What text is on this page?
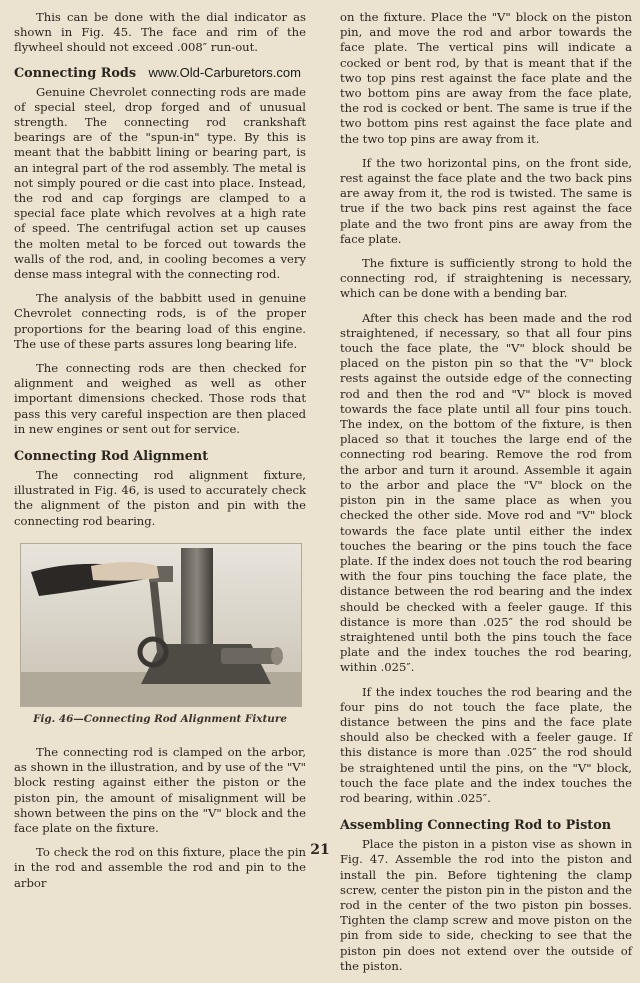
This can be done with the dial indicator as shown in Fig. 45. The face and rim of the flywheel should not exceed .008″ run-out.

Connecting Rods www.Old-Carburetors.com

Genuine Chevrolet connecting rods are made of special steel, drop forged and of unusual strength. The connecting rod crankshaft bearings are of the "spun-in" type. By this is meant that the babbitt lining or bearing part, is an integral part of the rod assembly. The metal is not simply poured or die cast into place. Instead, the rod and cap forgings are clamped to a special face plate which revolves at a high rate of speed. The centrifugal action set up causes the molten metal to be forced out towards the walls of the rod, and, in cooling becomes a very dense mass integral with the connecting rod.

The analysis of the babbitt used in genuine Chevrolet connecting rods, is of the proper proportions for the bearing load of this engine. The use of these parts assures long bearing life.

The connecting rods are then checked for alignment and weighed as well as other important dimensions checked. Those rods that pass this very careful inspection are then placed in new engines or sent out for service.

Connecting Rod Alignment

The connecting rod alignment fixture, illustrated in Fig. 46, is used to accurately check the alignment of the piston and pin with the connecting rod bearing.

Fig. 46—Connecting Rod Alignment Fixture

The connecting rod is clamped on the arbor, as shown in the illustration, and by use of the "V" block resting against either the piston or the piston pin, the amount of misalignment will be shown between the pins on the "V" block and the face plate on the fixture.

To check the rod on this fixture, place the pin in the rod and assemble the rod and pin to the arbor

on the fixture. Place the "V" block on the piston pin, and move the rod and arbor towards the face plate. The vertical pins will indicate a cocked or bent rod, by that is meant that if the two top pins rest against the face plate and the two bottom pins are away from the face plate, the rod is cocked or bent. The same is true if the two bottom pins rest against the face plate and the two top pins are away from it.

If the two horizontal pins, on the front side, rest against the face plate and the two back pins are away from it, the rod is twisted. The same is true if the two back pins rest against the face plate and the two front pins are away from the face plate.

The fixture is sufficiently strong to hold the connecting rod, if straightening is necessary, which can be done with a bending bar.

After this check has been made and the rod straightened, if necessary, so that all four pins touch the face plate, the "V" block should be placed on the piston pin so that the "V" block rests against the outside edge of the connecting rod and then the rod and "V" block is moved towards the face plate until all four pins touch. The index, on the bottom of the fixture, is then placed so that it touches the large end of the connecting rod bearing. Remove the rod from the arbor and turn it around. Assemble it again to the arbor and place the "V" block on the piston pin in the same place as when you checked the other side. Move rod and "V" block towards the face plate until either the index touches the bearing or the pins touch the face plate. If the index does not touch the rod bearing with the four pins touching the face plate, the distance between the rod bearing and the index should be checked with a feeler gauge. If this distance is more than .025″ the rod should be straightened until both the pins touch the face plate and the index touches the rod bearing, within .025″.

If the index touches the rod bearing and the four pins do not touch the face plate, the distance between the pins and the face plate should also be checked with a feeler gauge. If this distance is more than .025″ the rod should be straightened until the pins, on the "V" block, touch the face plate and the index touches the rod bearing, within .025″.

Assembling Connecting Rod to Piston

Place the piston in a piston vise as shown in Fig. 47. Assemble the rod into the piston and install the pin. Before tightening the clamp screw, center the piston pin in the piston and the rod in the center of the two piston pin bosses. Tighten the clamp screw and move piston on the pin from side to side, checking to see that the piston pin does not extend over the outside of the piston.

21
